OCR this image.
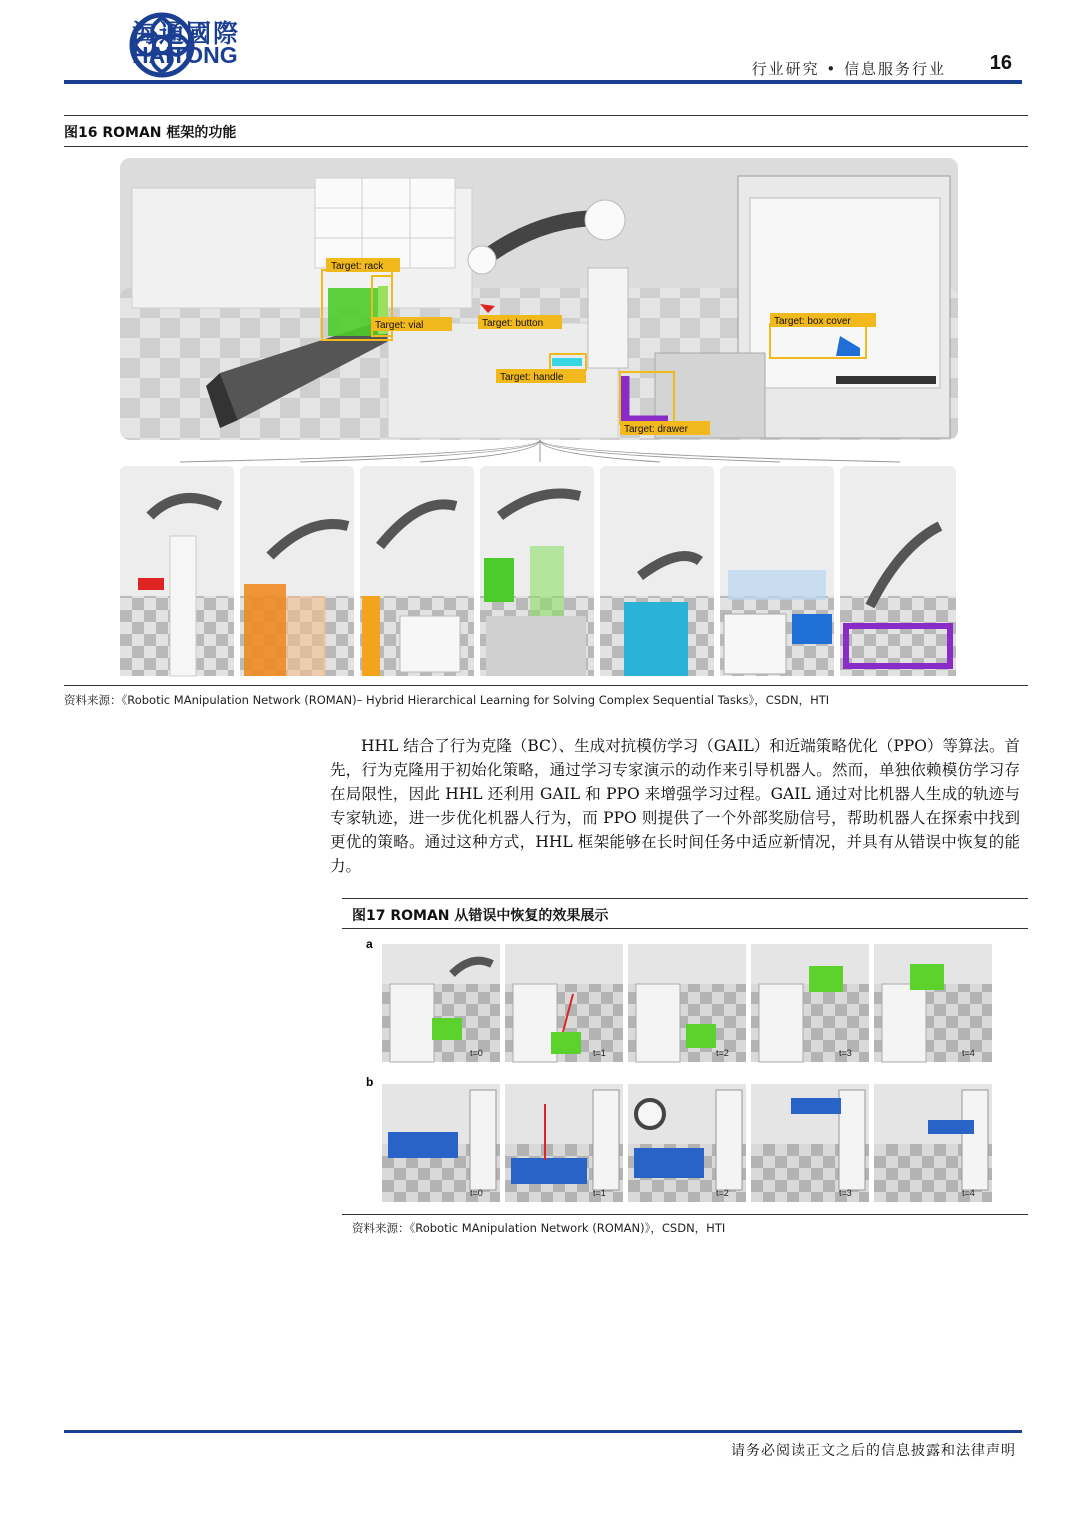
海通國際
HAITONG
行业研究 • 信息服务行业 16
图16 ROMAN 框架的功能
Target: rack
Target: vial	Target: button	Target: box cover
Target: handle
Target: drawer
资料来源：《Robotic MAnipulation Network (ROMAN)– Hybrid Hierarchical Learning for Solving Complex Sequential Tasks》，CSDN，HTI
HHL 结合了行为克隆（BC）、生成对抗模仿学习（GAIL）和近端策略优化（PPO）等算法。首先，行为克隆用于初始化策略，通过学习专家演示的动作来引导机器人。然而，单独依赖模仿学习存在局限性，因此 HHL 还利用 GAIL 和 PPO 来增强学习过程。GAIL 通过对比机器人生成的轨迹与专家轨迹，进一步优化机器人行为，而 PPO 则提供了一个外部奖励信号，帮助机器人在探索中找到更优的策略。通过这种方式，HHL 框架能够在长时间任务中适应新情况，并具有从错误中恢复的能力。
图17 ROMAN 从错误中恢复的效果展示
a
b
t=0	t=1	t=2	t=3	t=4
t=0	t=1	t=2	t=3	t=4
资料来源：《Robotic MAnipulation Network (ROMAN)》，CSDN，HTI
请务必阅读正文之后的信息披露和法律声明
